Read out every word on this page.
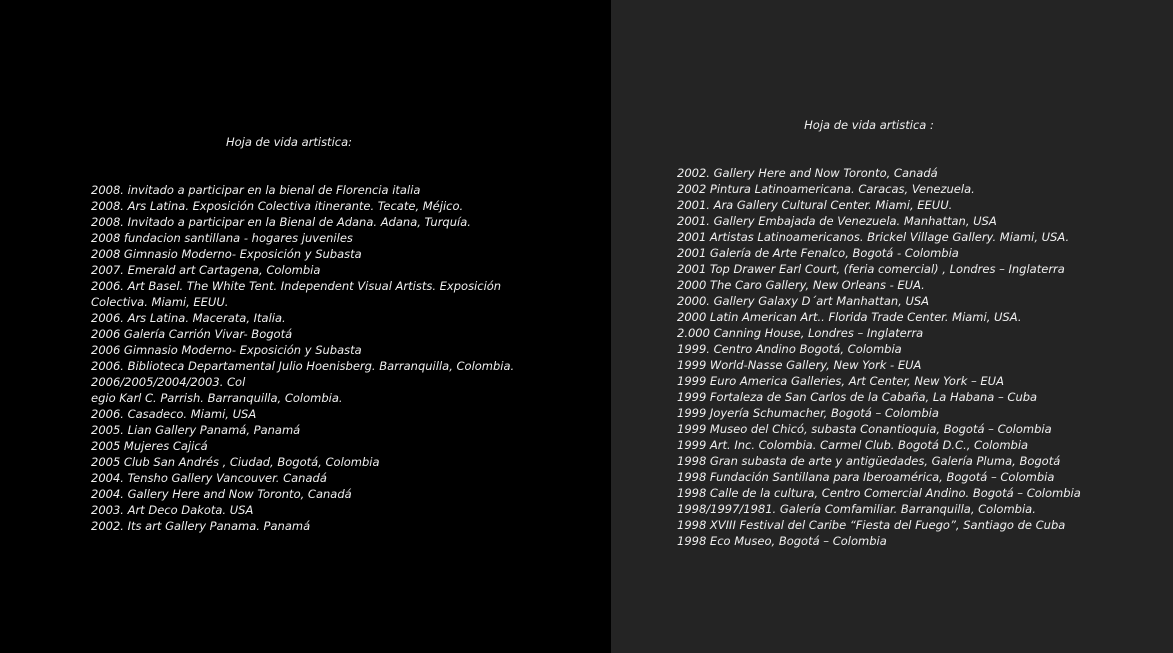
Hoja de vida artistica:
2008. invitado a participar en la bienal de Florencia italia
2008. Ars Latina. Exposición Colectiva itinerante. Tecate, Méjico.
2008. Invitado a participar en la Bienal de Adana. Adana, Turquía.
2008 fundacion santillana - hogares juveniles
2008 Gimnasio Moderno- Exposición y Subasta
2007. Emerald art Cartagena, Colombia
2006. Art Basel. The White Tent. Independent Visual Artists. Exposición
Colectiva. Miami, EEUU.
2006. Ars Latina. Macerata, Italia.
2006 Galería Carrión Vivar- Bogotá
2006 Gimnasio Moderno- Exposición y Subasta
2006. Biblioteca Departamental Julio Hoenisberg. Barranquilla, Colombia.
2006/2005/2004/2003. Col
egio Karl C. Parrish. Barranquilla, Colombia.
2006. Casadeco. Miami, USA
2005. Lian Gallery Panamá, Panamá
2005 Mujeres Cajicá
2005 Club San Andrés , Ciudad, Bogotá, Colombia
2004. Tensho Gallery Vancouver. Canadá
2004. Gallery Here and Now Toronto, Canadá
2003. Art Deco Dakota. USA
2002. Its art Gallery Panama. Panamá
Hoja de vida artistica :
2002. Gallery Here and Now Toronto, Canadá
2002 Pintura Latinoamericana. Caracas, Venezuela.
2001. Ara Gallery Cultural Center. Miami, EEUU.
2001. Gallery Embajada de Venezuela. Manhattan, USA
2001 Artistas Latinoamericanos. Brickel Village Gallery. Miami, USA.
2001 Galería de Arte Fenalco, Bogotá - Colombia
2001 Top Drawer Earl Court, (feria comercial) , Londres – Inglaterra
2000 The Caro Gallery, New Orleans - EUA.
2000. Gallery Galaxy D´art Manhattan, USA
2000 Latin American Art.. Florida Trade Center. Miami, USA.
2.000 Canning House, Londres – Inglaterra
1999. Centro Andino Bogotá, Colombia
1999 World-Nasse Gallery, New York - EUA
1999 Euro America Galleries, Art Center, New York – EUA
1999 Fortaleza de San Carlos de la Cabaña, La Habana – Cuba
1999 Joyería Schumacher, Bogotá – Colombia
1999 Museo del Chicó, subasta Conantioquia, Bogotá – Colombia
1999 Art. Inc. Colombia. Carmel Club. Bogotá D.C., Colombia
1998 Gran subasta de arte y antigüedades, Galería Pluma, Bogotá
1998 Fundación Santillana para Iberoamérica, Bogotá – Colombia
1998 Calle de la cultura, Centro Comercial Andino. Bogotá – Colombia
1998/1997/1981. Galería Comfamiliar. Barranquilla, Colombia.
1998 XVIII Festival del Caribe “Fiesta del Fuego”, Santiago de Cuba
1998 Eco Museo, Bogotá – Colombia
